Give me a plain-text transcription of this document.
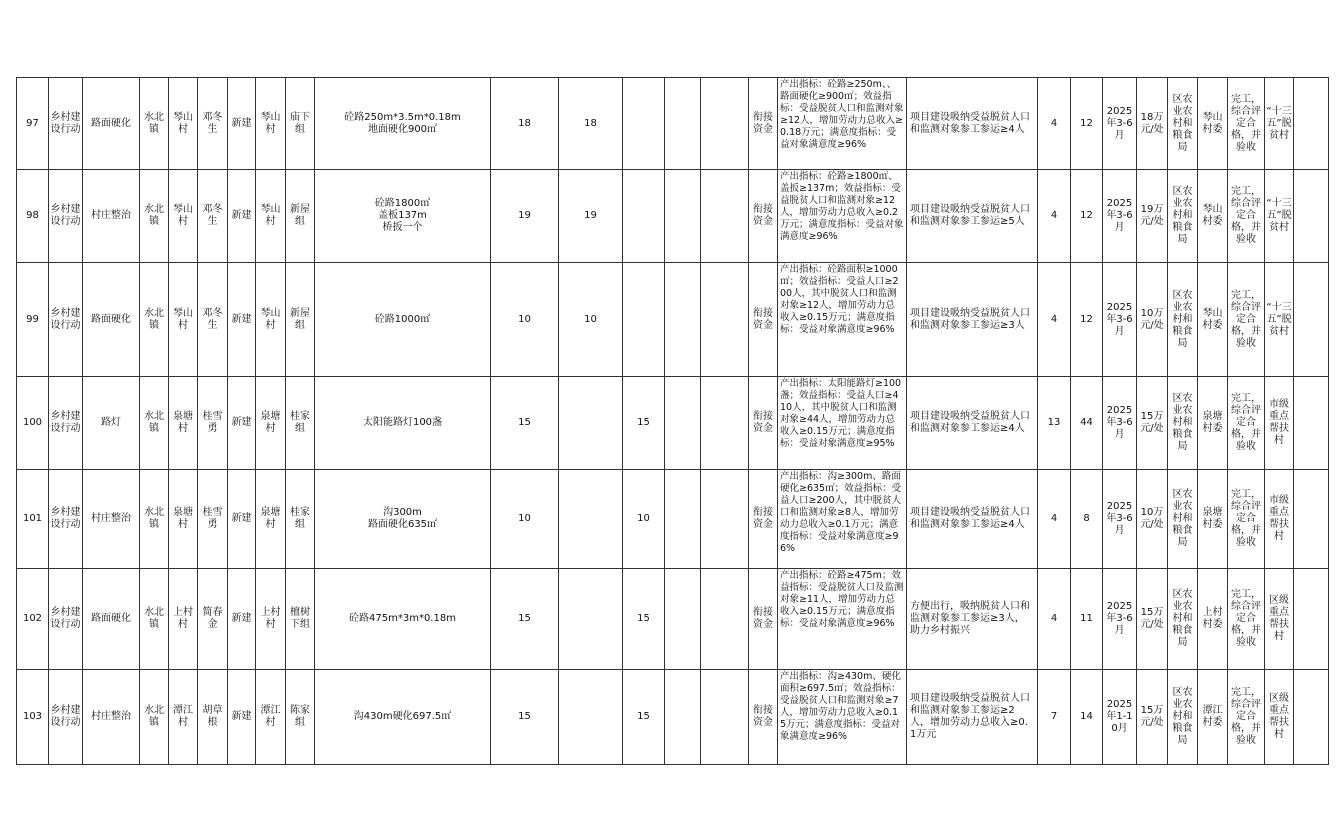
97	乡村建设行动	路面硬化	水北镇	琴山村	邓冬生	新建	琴山村	庙下组	砼路250m*3.5m*0.18m
地面硬化900㎡	18	18				衔接资金	产出指标：砼路≥250m、、路面硬化≥900㎡；效益指标：受益脱贫人口和监测对象≥12人，增加劳动力总收入≥0.18万元；满意度指标：受益对象满意度≥96%	项目建设吸纳受益脱贫人口和监测对象参工参运≥4人	4	12	2025年3-6月	18万元/处	区农业农村和粮食局	琴山村委	完工，综合评定合格，并验收	“十三五”脱贫村	
98	乡村建设行动	村庄整治	水北镇	琴山村	邓冬生	新建	琴山村	新屋组	砼路1800㎡
盖板137m
桥扳一个	19	19				衔接资金	产出指标：砼路≥1800㎡、盖扳≥137m；效益指标：受益脱贫人口和监测对象≥12人，增加劳动力总收入≥0.2万元；满意度指标：受益对象满意度≥96%	项目建设吸纳受益脱贫人口和监测对象参工参运≥5人	4	12	2025年3-6月	19万元/处	区农业农村和粮食局	琴山村委	完工，综合评定合格，并验收	“十三五”脱贫村	
99	乡村建设行动	路面硬化	水北镇	琴山村	邓冬生	新建	琴山村	新屋组	砼路1000㎡	10	10				衔接资金	产出指标：砼路面积≥1000㎡；效益指标：受益人口≥200人，其中脱贫人口和监测对象≥12人，增加劳动力总收入≥0.15万元；满意度指标：受益对象满意度≥96%	项目建设吸纳受益脱贫人口和监测对象参工参运≥3人	4	12	2025年3-6月	10万元/处	区农业农村和粮食局	琴山村委	完工，综合评定合格，并验收	“十三五”脱贫村	
100	乡村建设行动	路灯	水北镇	泉塘村	桂雪勇	新建	泉塘村	桂家组	太阳能路灯100盏	15		15			衔接资金	产出指标：太阳能路灯≥100盏；效益指标：受益人口≥410人，其中脱贫人口和监测对象≥44人，增加劳动力总收入≥0.15万元；满意度指标：受益对象满意度≥95%	项目建设吸纳受益脱贫人口和监测对象参工参运≥4人	13	44	2025年3-6月	15万元/处	区农业农村和粮食局	泉塘村委	完工，综合评定合格，并验收	市级重点帮扶村	
101	乡村建设行动	村庄整治	水北镇	泉塘村	桂雪勇	新建	泉塘村	桂家组	沟300m
路面硬化635㎡	10		10			衔接资金	产出指标：沟≥300m、路面硬化≥635㎡；效益指标：受益人口≥200人，其中脱贫人口和监测对象≥8人，增加劳动力总收入≥0.1万元；满意度指标：受益对象满意度≥96%	项目建设吸纳受益脱贫人口和监测对象参工参运≥4人	4	8	2025年3-6月	10万元/处	区农业农村和粮食局	泉塘村委	完工，综合评定合格，并验收	市级重点帮扶村	
102	乡村建设行动	路面硬化	水北镇	上村村	简春金	新建	上村村	檀树下组	砼路475m*3m*0.18m	15		15			衔接资金	产出指标：砼路≥475m；效益指标：受益脱贫人口及监测对象≥11人，增加劳动力总收入≥0.15万元；满意度指标：受益对象满意度≥96%	方便出行，吸纳脱贫人口和监测对象参工参运≥3人，助力乡村振兴	4	11	2025年3-6月	15万元/处	区农业农村和粮食局	上村村委	完工，综合评定合格，并验收	区级重点帮扶村	
103	乡村建设行动	村庄整治	水北镇	潭江村	胡草根	新建	潭江村	陈家组	沟430m硬化697.5㎡	15		15			衔接资金	产出指标：沟≥430m、硬化面积≥697.5㎡；效益指标：受益脱贫人口和监测对象≥7人，增加劳动力总收入≥0.15万元；满意度指标：受益对象满意度≥96%	项目建设吸纳受益脱贫人口和监测对象参工参运≥2人，增加劳动力总收入≥0.1万元	7	14	2025年1-10月	15万元/处	区农业农村和粮食局	潭江村委	完工，综合评定合格，并验收	区级重点帮扶村	
